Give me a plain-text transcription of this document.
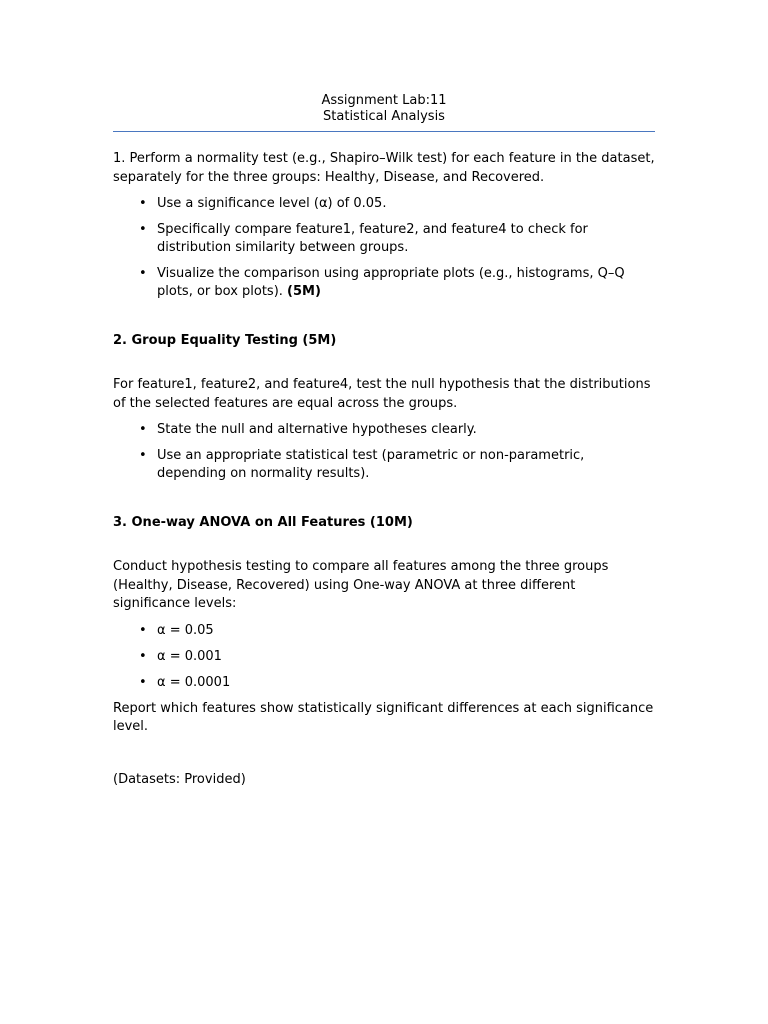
Assignment Lab:11

Statistical Analysis

1. Perform a normality test (e.g., Shapiro–Wilk test) for each feature in the dataset, separately for the three groups: Healthy, Disease, and Recovered.

• Use a significance level (α) of 0.05.
• Specifically compare feature1, feature2, and feature4 to check for distribution similarity between groups.
• Visualize the comparison using appropriate plots (e.g., histograms, Q–Q plots, or box plots). (5M)

2. Group Equality Testing (5M)

For feature1, feature2, and feature4, test the null hypothesis that the distributions of the selected features are equal across the groups.

• State the null and alternative hypotheses clearly.
• Use an appropriate statistical test (parametric or non-parametric, depending on normality results).

3. One-way ANOVA on All Features (10M)

Conduct hypothesis testing to compare all features among the three groups (Healthy, Disease, Recovered) using One-way ANOVA at three different significance levels:

• α = 0.05
• α = 0.001
• α = 0.0001

Report which features show statistically significant differences at each significance level.

(Datasets: Provided)
